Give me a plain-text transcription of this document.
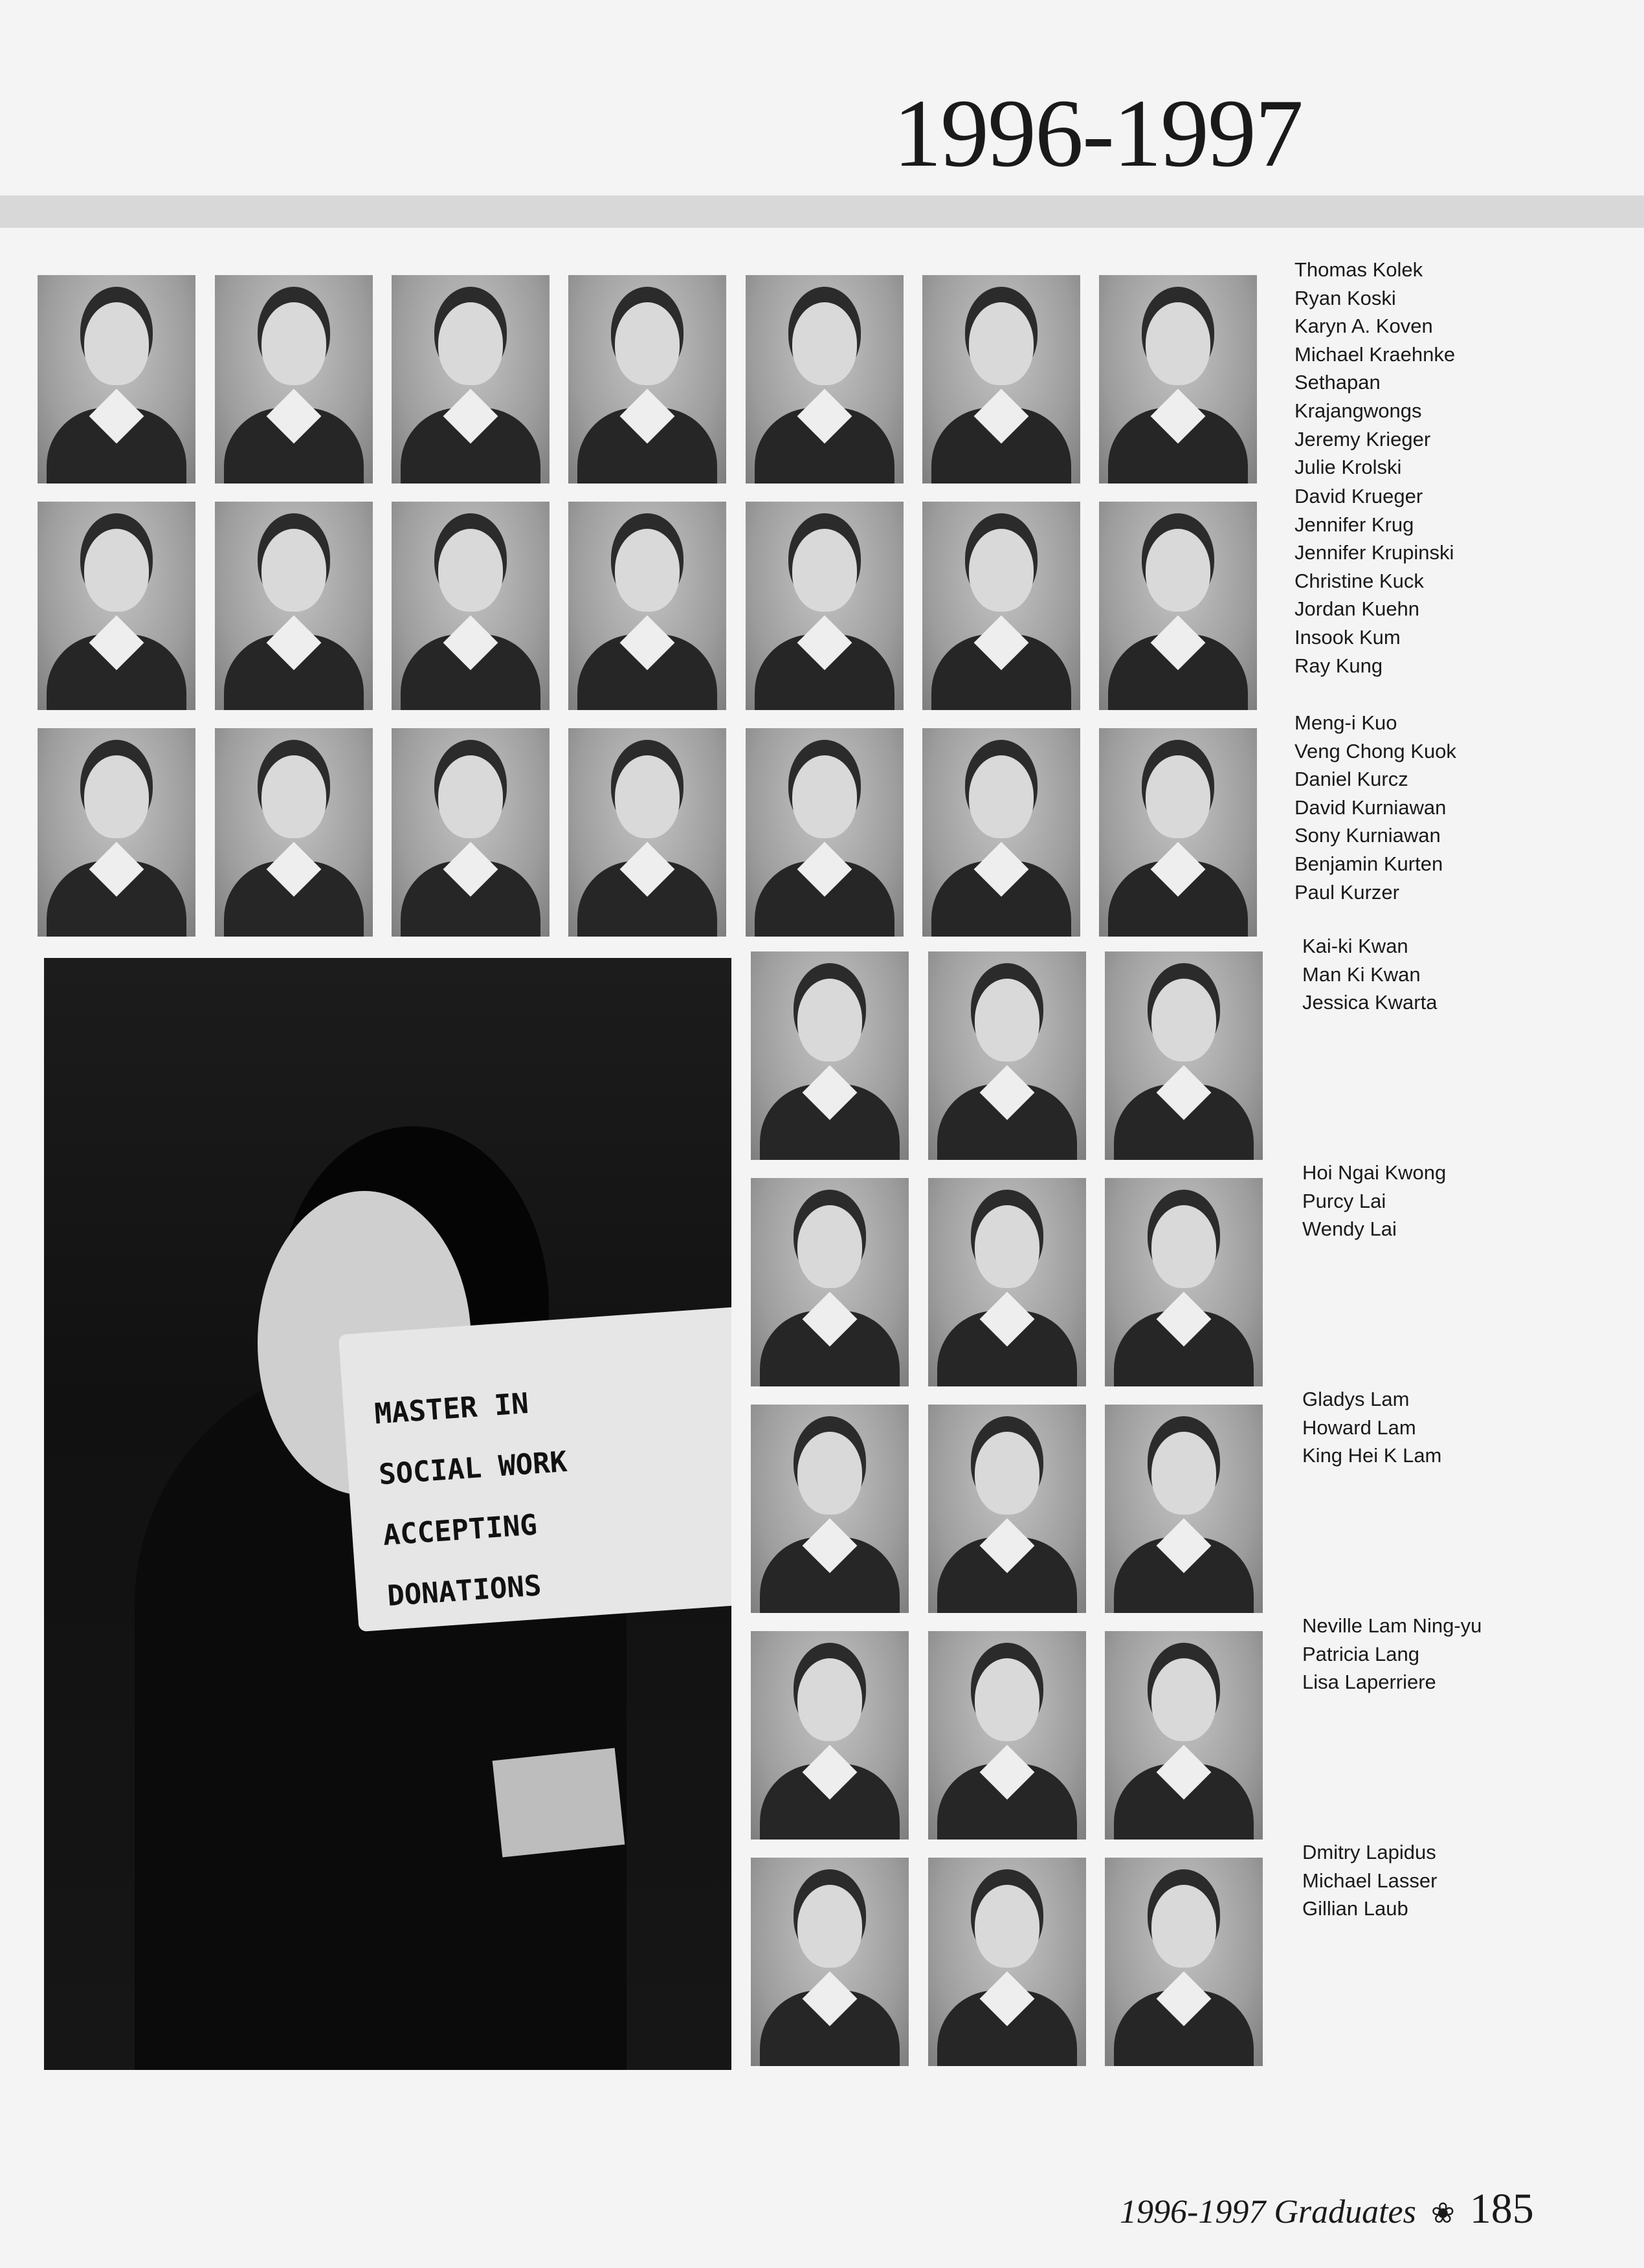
1996-1997
Thomas Kolek
Ryan Koski
Karyn A. Koven
Michael Kraehnke
Sethapan
Krajangwongs
Jeremy Krieger
Julie Krolski
David Krueger
Jennifer Krug
Jennifer Krupinski
Christine Kuck
Jordan Kuehn
Insook Kum
Ray Kung
Meng-i Kuo
Veng Chong Kuok
Daniel Kurcz
David Kurniawan
Sony Kurniawan
Benjamin Kurten
Paul Kurzer
Kai-ki Kwan
Man Ki Kwan
Jessica Kwarta
Hoi Ngai Kwong
Purcy Lai
Wendy Lai
Gladys Lam
Howard Lam
King Hei K Lam
Neville Lam Ning-yu
Patricia Lang
Lisa Laperriere
Dmitry Lapidus
Michael Lasser
Gillian Laub
MASTER IN
SOCIAL WORK
ACCEPTING
DONATIONS
1996-1997 Graduates ❀ 185
